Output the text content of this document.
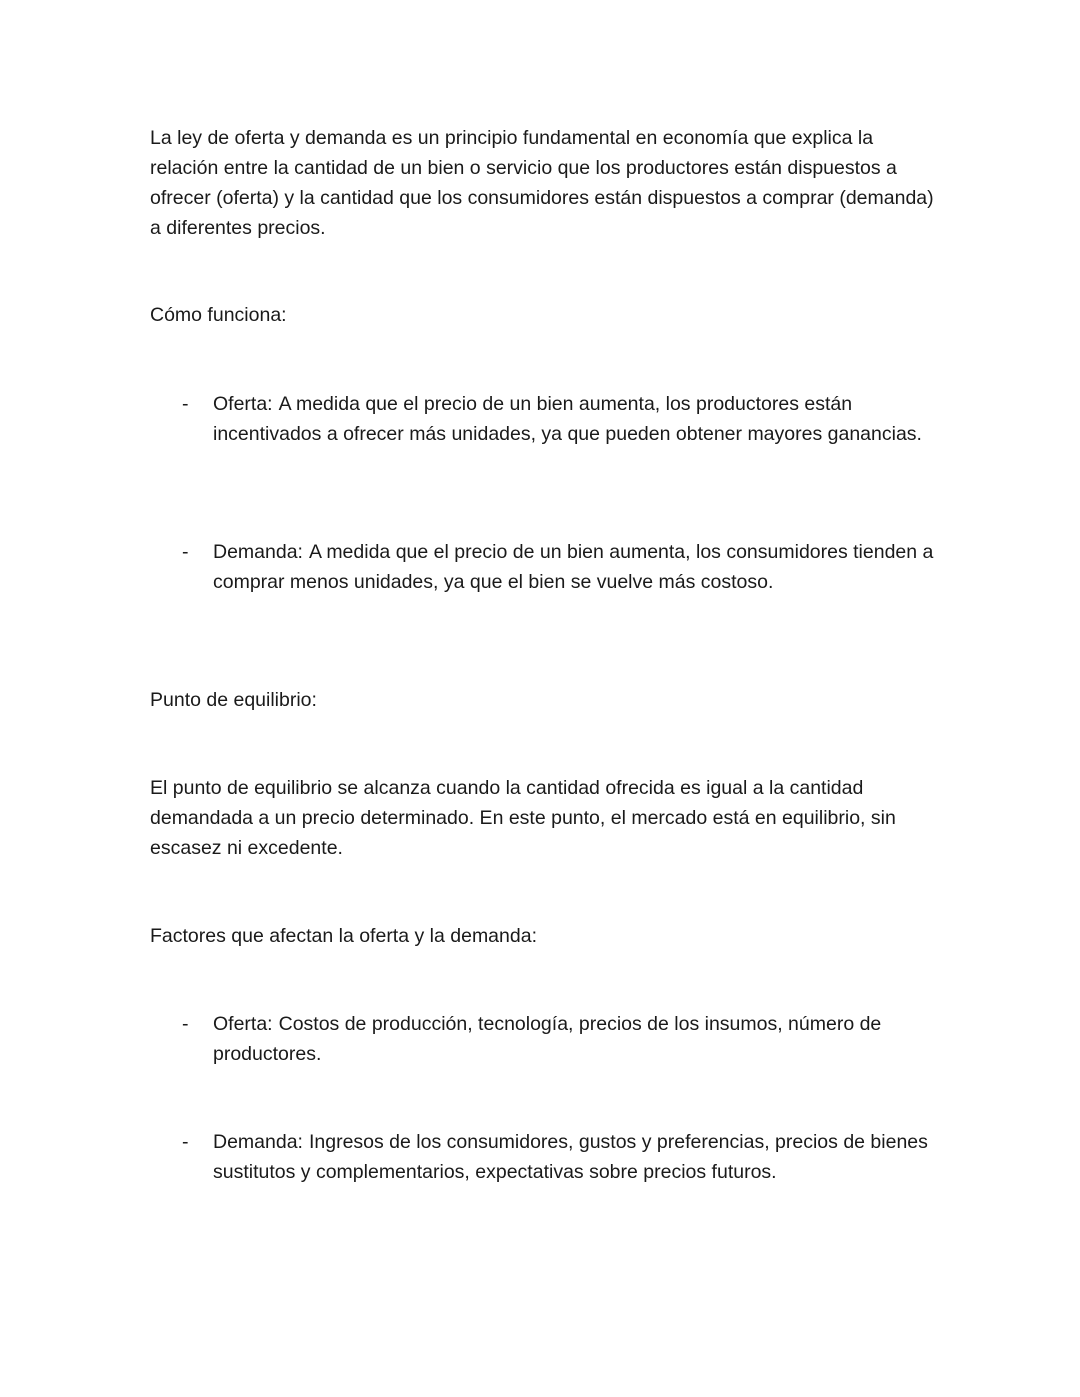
La ley de oferta y demanda es un principio fundamental en economía que explica la relación entre la cantidad de un bien o servicio que los productores están dispuestos a ofrecer (oferta) y la cantidad que los consumidores están dispuestos a comprar (demanda) a diferentes precios.

Cómo funciona:

- Oferta: A medida que el precio de un bien aumenta, los productores están incentivados a ofrecer más unidades, ya que pueden obtener mayores ganancias.
- Demanda: A medida que el precio de un bien aumenta, los consumidores tienden a comprar menos unidades, ya que el bien se vuelve más costoso.

Punto de equilibrio:

El punto de equilibrio se alcanza cuando la cantidad ofrecida es igual a la cantidad demandada a un precio determinado. En este punto, el mercado está en equilibrio, sin escasez ni excedente.

Factores que afectan la oferta y la demanda:

- Oferta: Costos de producción, tecnología, precios de los insumos, número de productores.
- Demanda: Ingresos de los consumidores, gustos y preferencias, precios de bienes sustitutos y complementarios, expectativas sobre precios futuros.
